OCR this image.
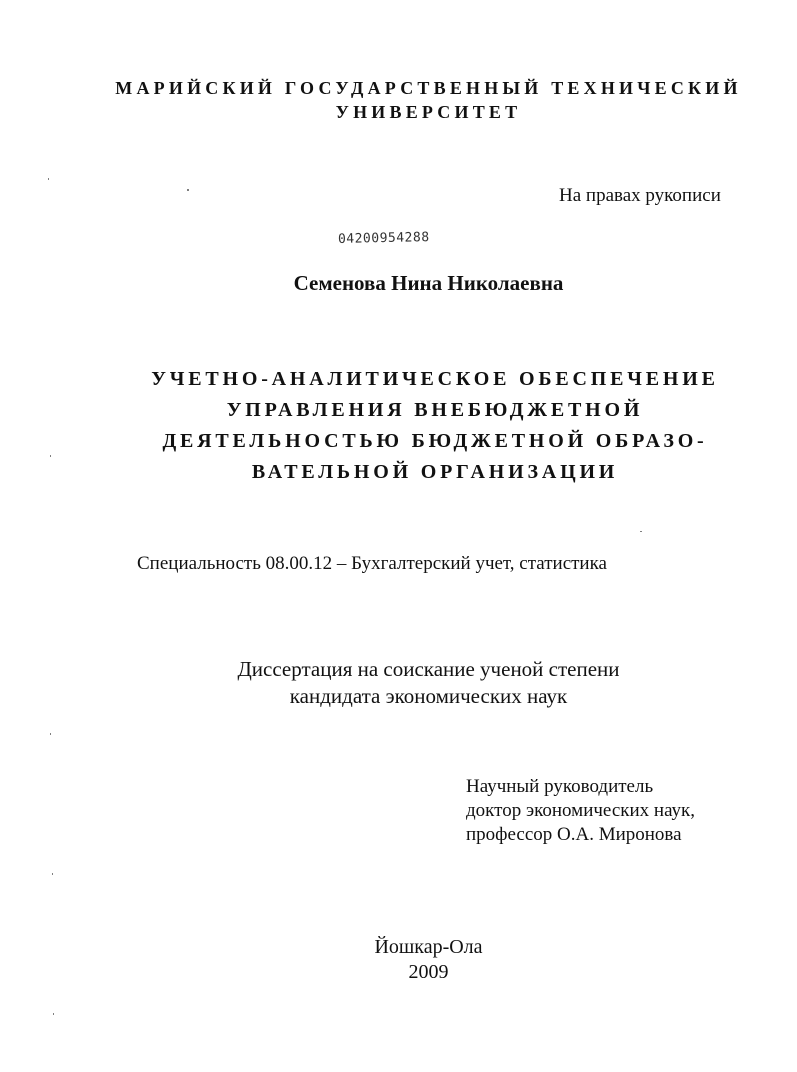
МАРИЙСКИЙ ГОСУДАРСТВЕННЫЙ ТЕХНИЧЕСКИЙ
УНИВЕРСИТЕТ
На правах рукописи
04200954288
Семенова Нина Николаевна
УЧЕТНО-АНАЛИТИЧЕСКОЕ ОБЕСПЕЧЕНИЕ
УПРАВЛЕНИЯ ВНЕБЮДЖЕТНОЙ
ДЕЯТЕЛЬНОСТЬЮ БЮДЖЕТНОЙ ОБРАЗО-
ВАТЕЛЬНОЙ ОРГАНИЗАЦИИ
Специальность 08.00.12 – Бухгалтерский учет, статистика
Диссертация на соискание ученой степени
кандидата экономических наук
Научный руководитель
доктор экономических наук,
профессор О.А. Миронова
Йошкар-Ола
2009
